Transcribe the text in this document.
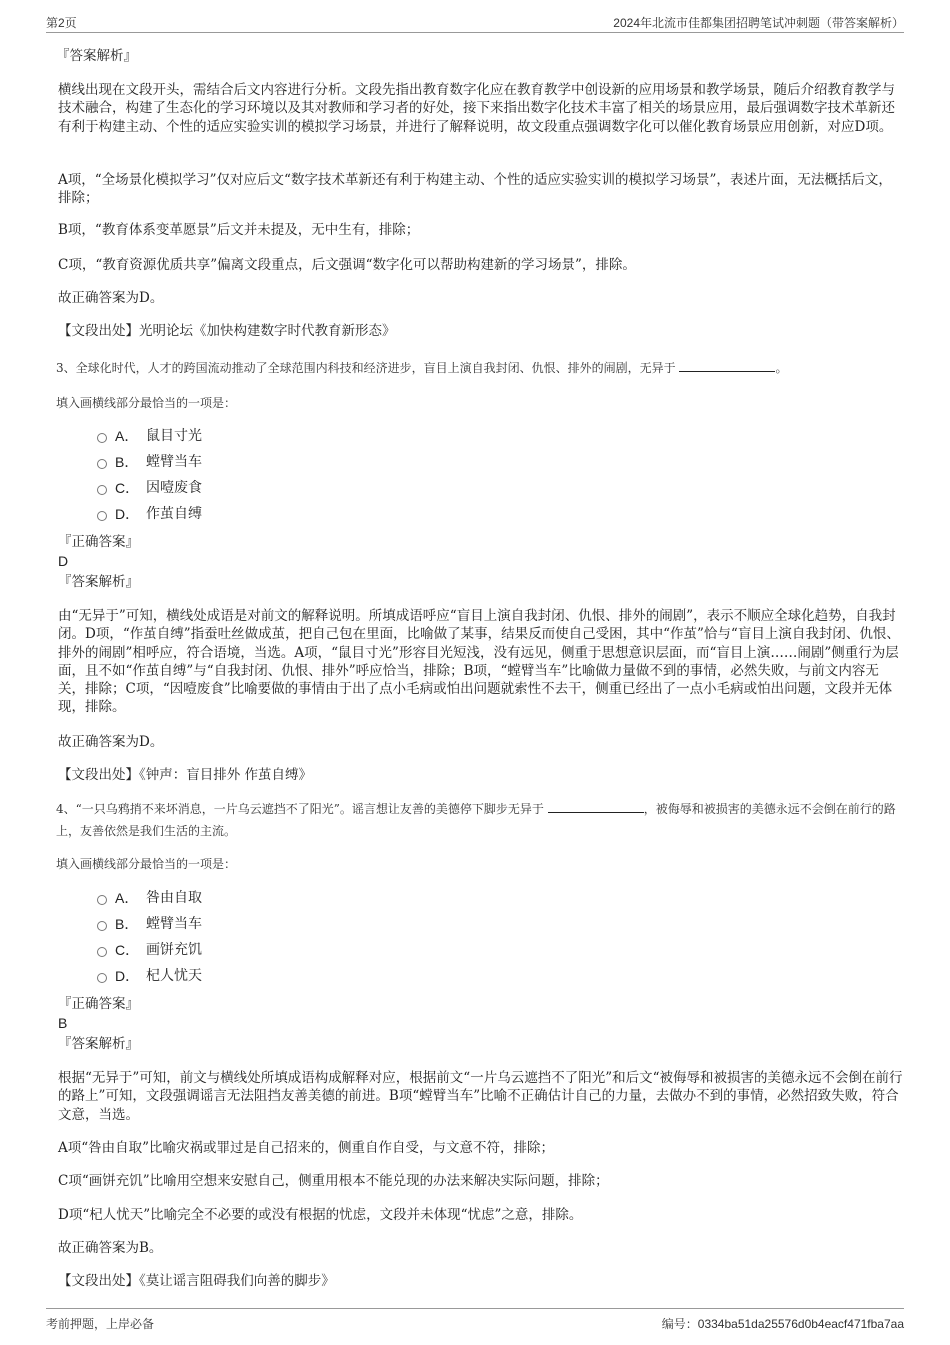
第2页	2024年北流市佳都集团招聘笔试冲刺题（带答案解析）

『答案解析』

横线出现在文段开头，需结合后文内容进行分析。文段先指出教育数字化应在教育教学中创设新的应用场景和教学场景，随后介绍教育教学与技术融合，构建了生态化的学习环境以及其对教师和学习者的好处，接下来指出数字化技术丰富了相关的场景应用，最后强调数字技术革新还有利于构建主动、个性的适应实验实训的模拟学习场景，并进行了解释说明，故文段重点强调数字化可以催化教育场景应用创新，对应D项。

A项，“全场景化模拟学习”仅对应后文“数字技术革新还有利于构建主动、个性的适应实验实训的模拟学习场景”，表述片面，无法概括后文，排除；

B项，“教育体系变革愿景”后文并未提及，无中生有，排除；

C项，“教育资源优质共享”偏离文段重点，后文强调“数字化可以帮助构建新的学习场景”，排除。

故正确答案为D。

【文段出处】光明论坛《加快构建数字时代教育新形态》

3、全球化时代，人才的跨国流动推动了全球范围内科技和经济进步，盲目上演自我封闭、仇恨、排外的闹剧，无异于	。

填入画横线部分最恰当的一项是：

A． 鼠目寸光
B． 螳臂当车
C． 因噎废食
D． 作茧自缚

『正确答案』

D

『答案解析』

由“无异于”可知，横线处成语是对前文的解释说明。所填成语呼应“盲目上演自我封闭、仇恨、排外的闹剧”，表示不顺应全球化趋势，自我封闭。D项，“作茧自缚”指蚕吐丝做成茧，把自己包在里面，比喻做了某事，结果反而使自己受困，其中“作茧”恰与“盲目上演自我封闭、仇恨、排外的闹剧”相呼应，符合语境，当选。A项，“鼠目寸光”形容目光短浅，没有远见，侧重于思想意识层面，而“盲目上演……闹剧”侧重行为层面，且不如“作茧自缚”与“自我封闭、仇恨、排外”呼应恰当，排除；B项，“螳臂当车”比喻做力量做不到的事情，必然失败，与前文内容无关，排除；C项，“因噎废食”比喻要做的事情由于出了点小毛病或怕出问题就索性不去干，侧重已经出了一点小毛病或怕出问题，文段并无体现，排除。

故正确答案为D。

【文段出处】《钟声：盲目排外 作茧自缚》

4、“一只乌鸦捎不来坏消息，一片乌云遮挡不了阳光”。谣言想让友善的美德停下脚步无异于	，被侮辱和被损害的美德永远不会倒在前行的路上，友善依然是我们生活的主流。

填入画横线部分最恰当的一项是：

A． 咎由自取
B． 螳臂当车
C． 画饼充饥
D． 杞人忧天

『正确答案』

B

『答案解析』

根据“无异于”可知，前文与横线处所填成语构成解释对应，根据前文“一片乌云遮挡不了阳光”和后文“被侮辱和被损害的美德永远不会倒在前行的路上”可知，文段强调谣言无法阻挡友善美德的前进。B项“螳臂当车”比喻不正确估计自己的力量，去做办不到的事情，必然招致失败，符合文意，当选。

A项“咎由自取”比喻灾祸或罪过是自己招来的，侧重自作自受，与文意不符，排除；

C项“画饼充饥”比喻用空想来安慰自己，侧重用根本不能兑现的办法来解决实际问题，排除；

D项“杞人忧天”比喻完全不必要的或没有根据的忧虑，文段并未体现“忧虑”之意，排除。

故正确答案为B。

【文段出处】《莫让谣言阻碍我们向善的脚步》

考前押题，上岸必备	编号：0334ba51da25576d0b4eacf471fba7aa
